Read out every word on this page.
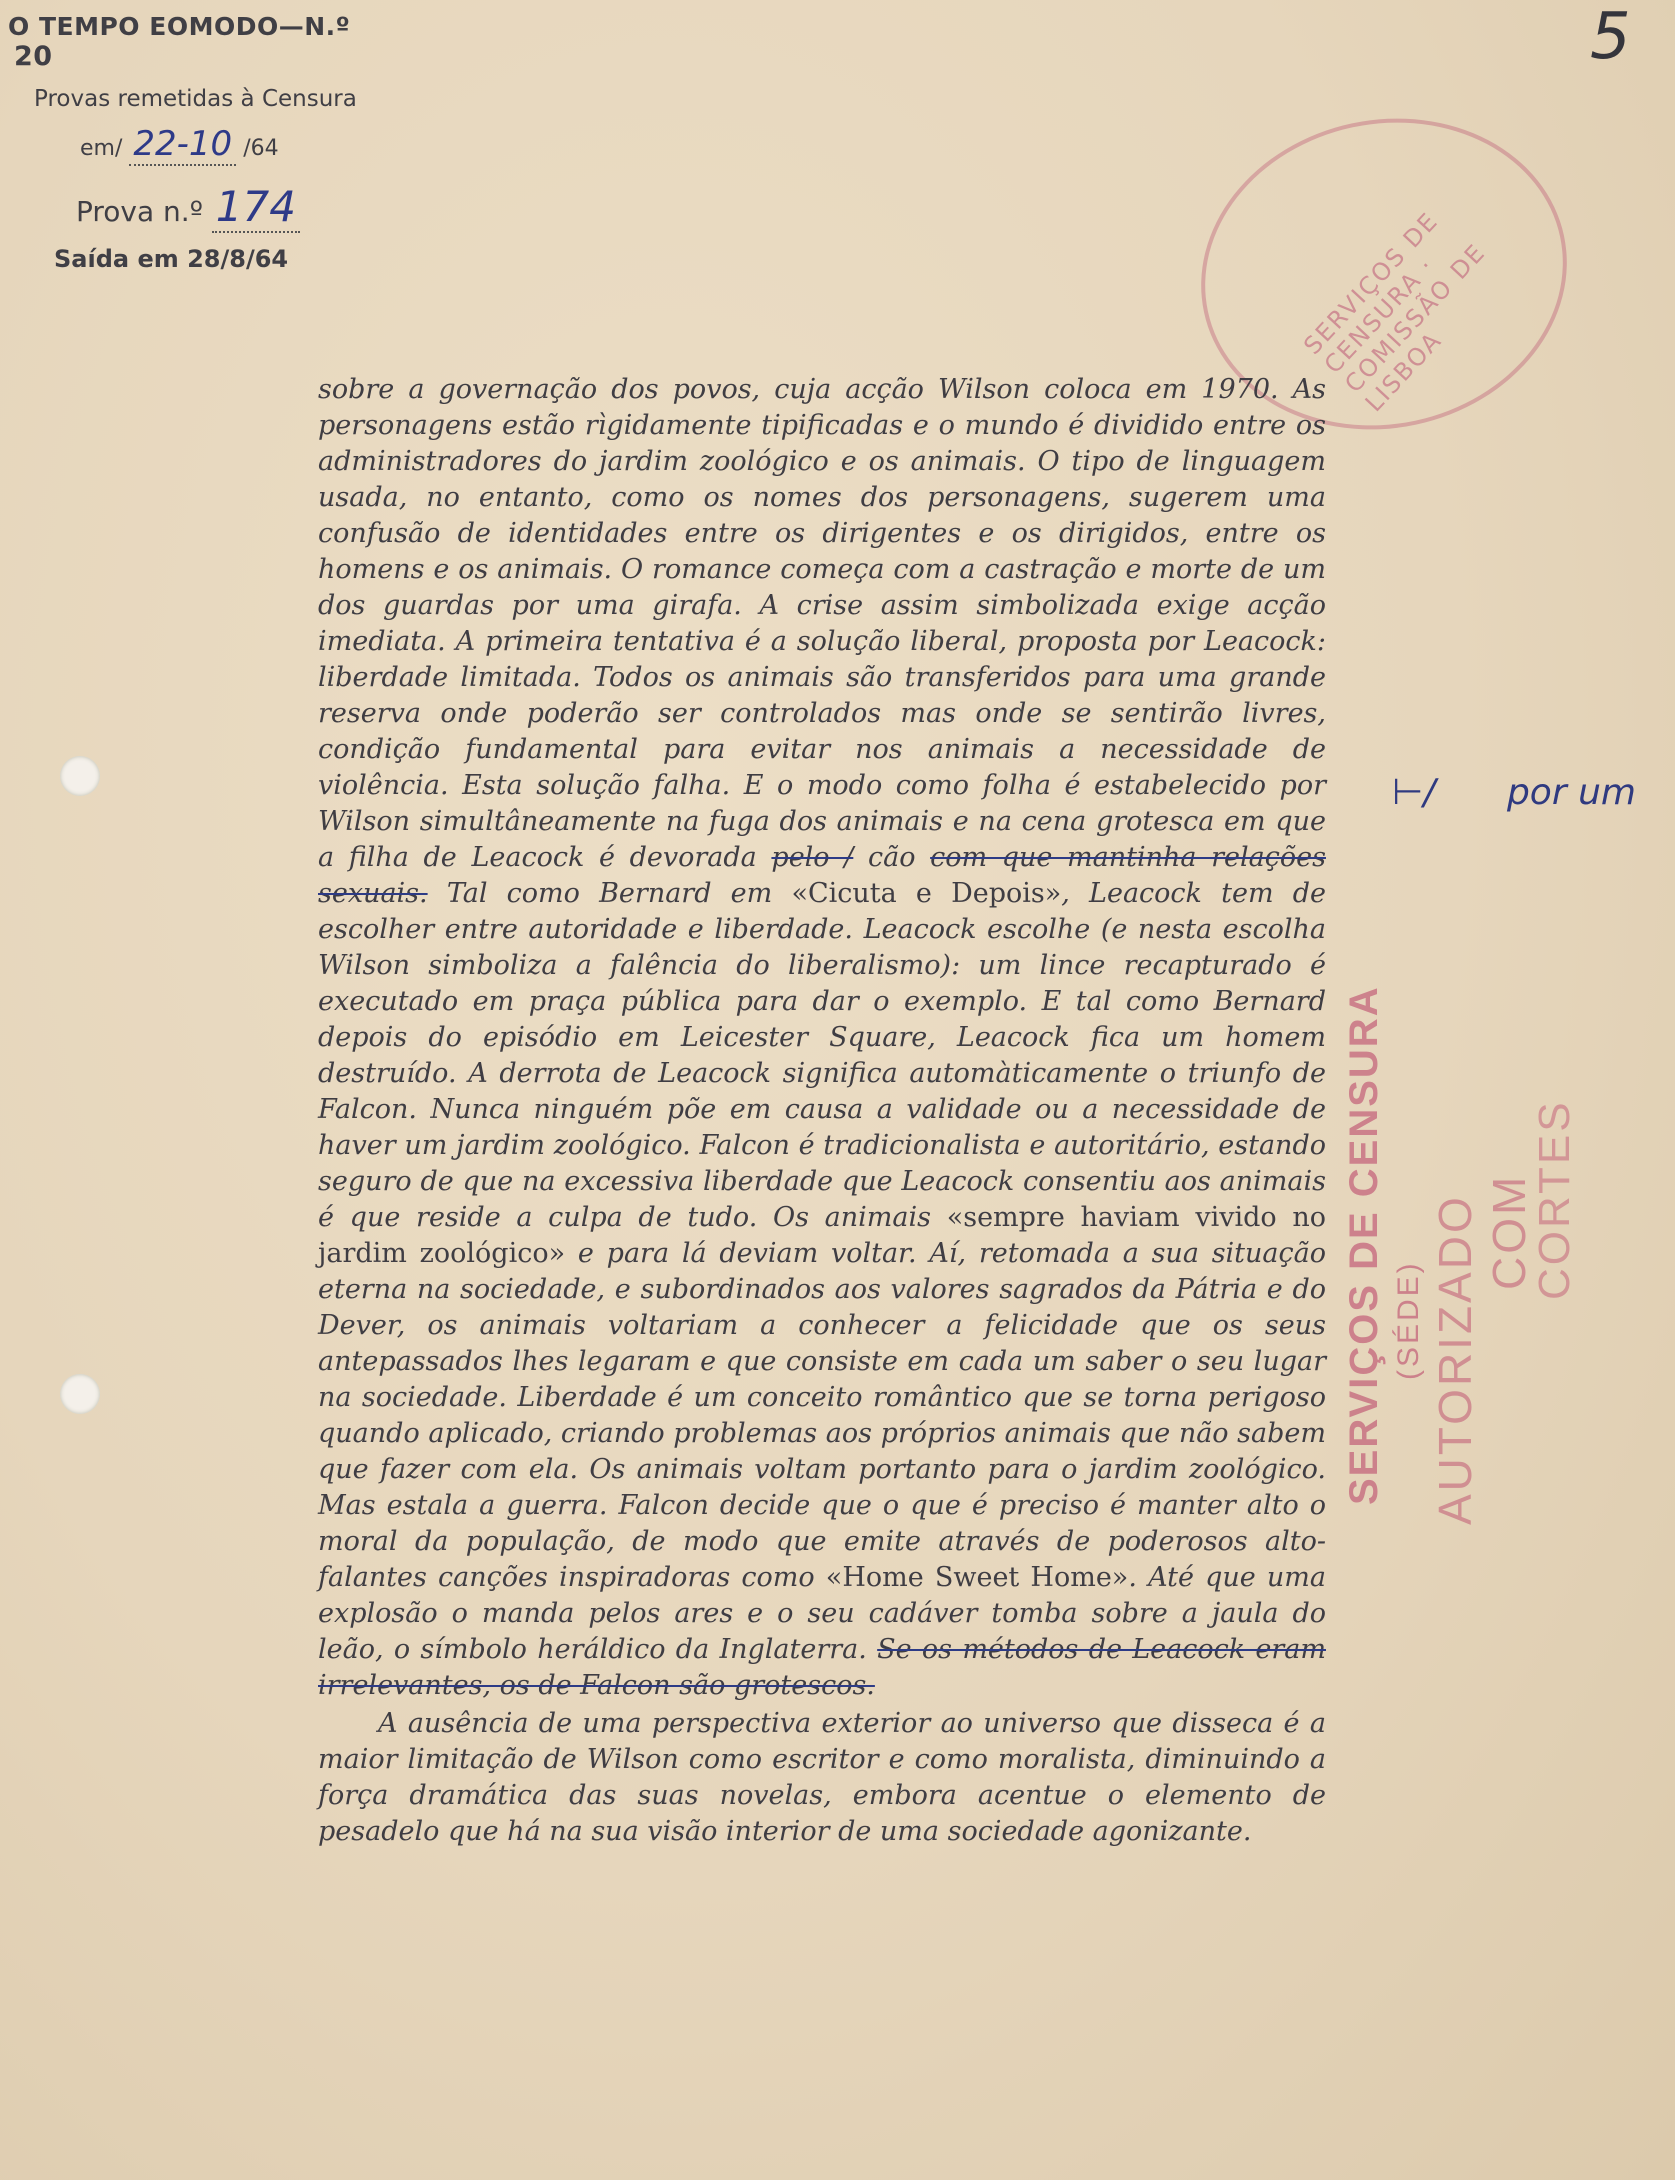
O TEMPO EOMODO—N.º 20
Provas remetidas à Censura
em/ 22-10 /64
Prova n.º 174
Saída em 28/8/64
5
SERVIÇOS DE CENSURA · COMISSÃO DE LISBOA

sobre a governação dos povos, cuja acção Wilson coloca em 1970. As personagens estão rìgidamente tipificadas e o mundo é dividido entre os administradores do jardim zoológico e os animais. O tipo de linguagem usada, no entanto, como os nomes dos personagens, sugerem uma confusão de identidades entre os dirigentes e os dirigidos, entre os homens e os animais. O romance começa com a castração e morte de um dos guardas por uma girafa. A crise assim simbolizada exige acção imediata. A primeira tentativa é a solução liberal, proposta por Leacock: liberdade limitada. Todos os animais são transferidos para uma grande reserva onde poderão ser controlados mas onde se sentirão livres, condição fundamental para evitar nos animais a necessidade de violência. Esta solução falha. E o modo como folha é estabelecido por Wilson simultâneamente na fuga dos animais e na cena grotesca em que a filha de Leacock é devorada pelo / cão com que mantinha relações sexuais. Tal como Bernard em «Cicuta e Depois», Leacock tem de escolher entre autoridade e liberdade. Leacock escolhe (e nesta escolha Wilson simboliza a falência do liberalismo): um lince recapturado é executado em praça pública para dar o exemplo. E tal como Bernard depois do episódio em Leicester Square, Leacock fica um homem destruído. A derrota de Leacock significa automàticamente o triunfo de Falcon. Nunca ninguém põe em causa a validade ou a necessidade de haver um jardim zoológico. Falcon é tradicionalista e autoritário, estando seguro de que na excessiva liberdade que Leacock consentiu aos animais é que reside a culpa de tudo. Os animais «sempre haviam vivido no jardim zoológico» e para lá deviam voltar. Aí, retomada a sua situação eterna na sociedade, e subordinados aos valores sagrados da Pátria e do Dever, os animais voltariam a conhecer a felicidade que os seus antepassados lhes legaram e que consiste em cada um saber o seu lugar na sociedade. Liberdade é um conceito romântico que se torna perigoso quando aplicado, criando problemas aos próprios animais que não sabem que fazer com ela. Os animais voltam portanto para o jardim zoológico. Mas estala a guerra. Falcon decide que o que é preciso é manter alto o moral da população, de modo que emite através de poderosos alto-falantes canções inspiradoras como «Home Sweet Home». Até que uma explosão o manda pelos ares e o seu cadáver tomba sobre a jaula do leão, o símbolo heráldico da Inglaterra. Se os métodos de Leacock eram irrelevantes, os de Falcon são grotescos.

A ausência de uma perspectiva exterior ao universo que disseca é a maior limitação de Wilson como escritor e como moralista, diminuindo a força dramática das suas novelas, embora acentue o elemento de pesadelo que há na sua visão interior de uma sociedade agonizante.

⊢/ por um
SERVIÇOS DE CENSURA (SÉDE) AUTORIZADO COM
CORTES
